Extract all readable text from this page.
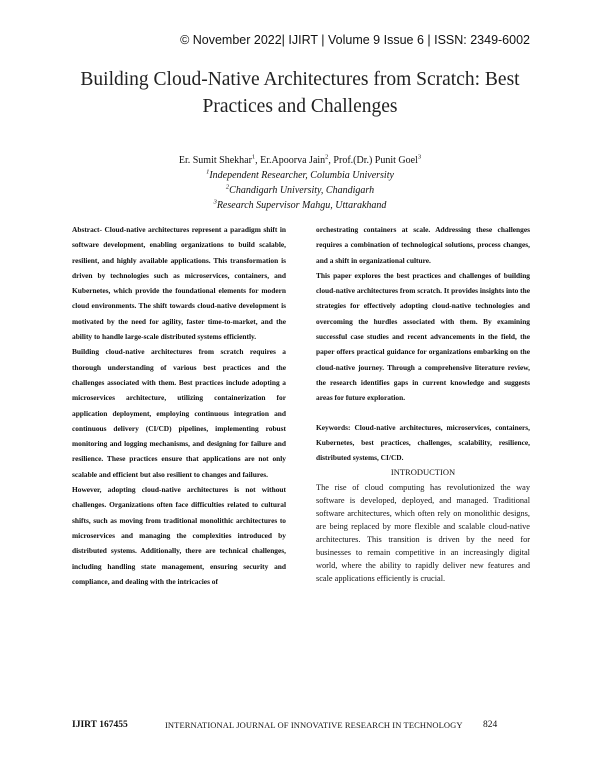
© November 2022| IJIRT | Volume 9 Issue 6 | ISSN: 2349-6002
Building Cloud-Native Architectures from Scratch: Best Practices and Challenges
Er. Sumit Shekhar$^1$, Er.Apoorva Jain$^2$, Prof.(Dr.) Punit Goel$^3$
$^1$Independent Researcher, Columbia University
$^2$Chandigarh University, Chandigarh
$^3$Research Supervisor Mahgu, Uttarakhand

Abstract- Cloud-native architectures represent a paradigm shift in software development, enabling organizations to build scalable, resilient, and highly available applications. This transformation is driven by technologies such as microservices, containers, and Kubernetes, which provide the foundational elements for modern cloud environments. The shift towards cloud-native development is motivated by the need for agility, faster time-to-market, and the ability to handle large-scale distributed systems efficiently.

Building cloud-native architectures from scratch requires a thorough understanding of various best practices and the challenges associated with them. Best practices include adopting a microservices architecture, utilizing containerization for application deployment, employing continuous integration and continuous delivery (CI/CD) pipelines, implementing robust monitoring and logging mechanisms, and designing for failure and resilience. These practices ensure that applications are not only scalable and efficient but also resilient to changes and failures.

However, adopting cloud-native architectures is not without challenges. Organizations often face difficulties related to cultural shifts, such as moving from traditional monolithic architectures to microservices and managing the complexities introduced by distributed systems. Additionally, there are technical challenges, including handling state management, ensuring security and compliance, and dealing with the intricacies of

orchestrating containers at scale. Addressing these challenges requires a combination of technological solutions, process changes, and a shift in organizational culture.

This paper explores the best practices and challenges of building cloud-native architectures from scratch. It provides insights into the strategies for effectively adopting cloud-native technologies and overcoming the hurdles associated with them. By examining successful case studies and recent advancements in the field, the paper offers practical guidance for organizations embarking on the cloud-native journey. Through a comprehensive literature review, the research identifies gaps in current knowledge and suggests areas for future exploration.

Keywords: Cloud-native architectures, microservices, containers, Kubernetes, best practices, challenges, scalability, resilience, distributed systems, CI/CD.

INTRODUCTION

The rise of cloud computing has revolutionized the way software is developed, deployed, and managed. Traditional software architectures, which often rely on monolithic designs, are being replaced by more flexible and scalable cloud-native architectures. This transition is driven by the need for businesses to remain competitive in an increasingly digital world, where the ability to rapidly deliver new features and scale applications efficiently is crucial.

IJIRT 167455	INTERNATIONAL JOURNAL OF INNOVATIVE RESEARCH IN TECHNOLOGY 824
